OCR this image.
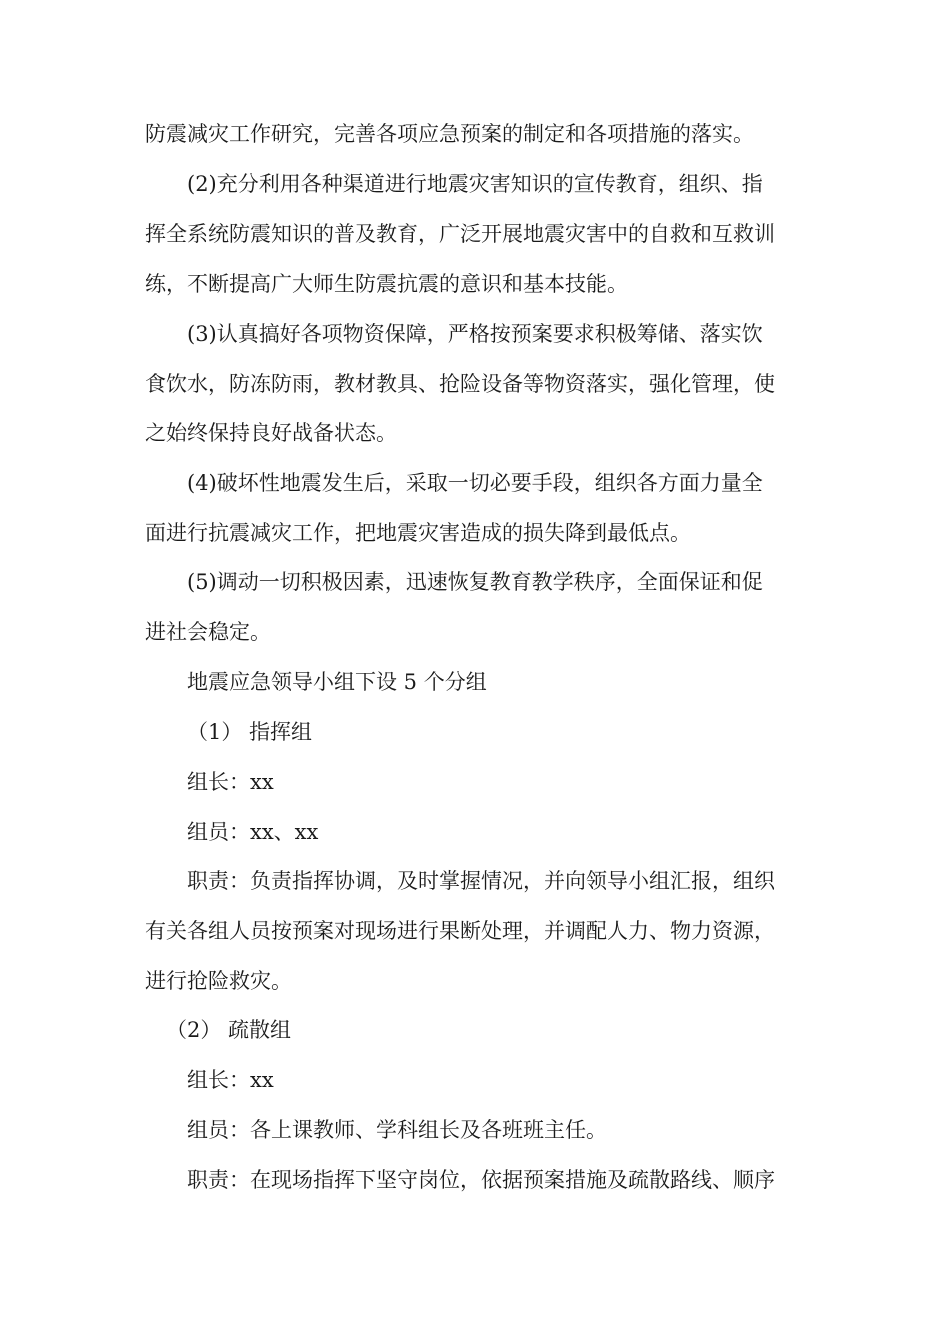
防震减灾工作研究，完善各项应急预案的制定和各项措施的落实。
(2)充分利用各种渠道进行地震灾害知识的宣传教育，组织、指
挥全系统防震知识的普及教育，广泛开展地震灾害中的自救和互救训
练，不断提高广大师生防震抗震的意识和基本技能。
(3)认真搞好各项物资保障，严格按预案要求积极筹储、落实饮
食饮水，防冻防雨，教材教具、抢险设备等物资落实，强化管理，使
之始终保持良好战备状态。
(4)破坏性地震发生后，采取一切必要手段，组织各方面力量全
面进行抗震减灾工作，把地震灾害造成的损失降到最低点。
(5)调动一切积极因素，迅速恢复教育教学秩序，全面保证和促
进社会稳定。
地震应急领导小组下设 5 个分组
（1） 指挥组
组长：xx
组员：xx、xx
职责：负责指挥协调，及时掌握情况，并向领导小组汇报，组织
有关各组人员按预案对现场进行果断处理，并调配人力、物力资源，
进行抢险救灾。
（2） 疏散组
组长：xx
组员：各上课教师、学科组长及各班班主任。
职责：在现场指挥下坚守岗位，依据预案措施及疏散路线、顺序
